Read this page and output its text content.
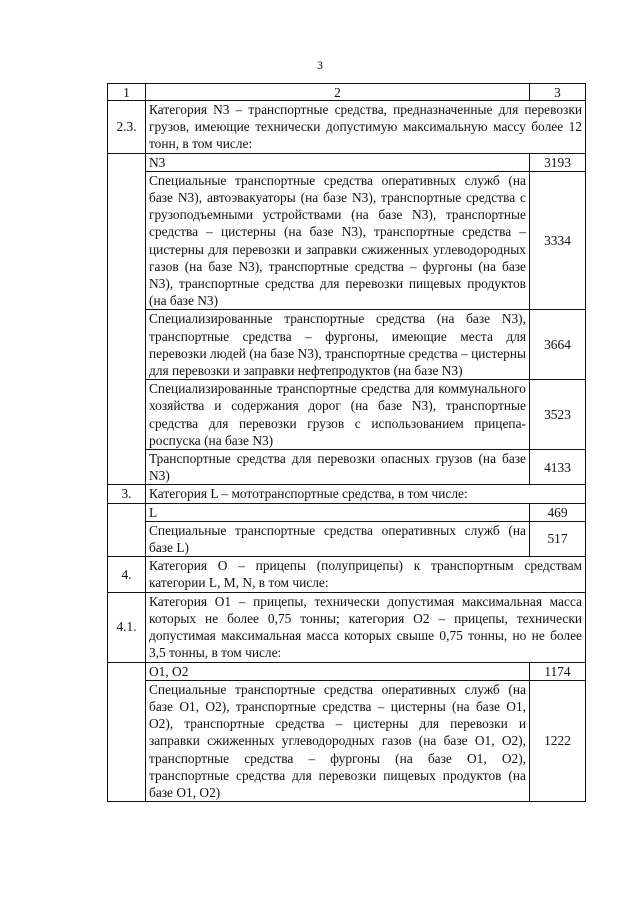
3
1	2	3
2.3.	Категория N3 – транспортные средства, предназначенные для перевозки грузов, имеющие технически допустимую максимальную массу более 12 тонн, в том числе:	
	N3	3193
	Специальные транспортные средства оперативных служб (на базе N3), автоэвакуаторы (на базе N3), транспортные средства с грузоподъемными устройствами (на базе N3), транспортные средства – цистерны (на базе N3), транспортные средства – цистерны для перевозки и заправки сжиженных углеводородных газов (на базе N3), транспортные средства – фургоны (на базе N3), транспортные средства для перевозки пищевых продуктов (на базе N3)	3334
	Специализированные транспортные средства (на базе N3), транспортные средства – фургоны, имеющие места для перевозки людей (на базе N3), транспортные средства – цистерны для перевозки и заправки нефтепродуктов (на базе N3)	3664
	Специализированные транспортные средства для коммунального хозяйства и содержания дорог (на базе N3), транспортные средства для перевозки грузов с использованием прицепа-роспуска (на базе N3)	3523
	Транспортные средства для перевозки опасных грузов (на базе N3)	4133
3.	Категория L – мототранспортные средства, в том числе:	
	L	469
	Специальные транспортные средства оперативных служб (на базе L)	517
4.	Категория О – прицепы (полуприцепы) к транспортным средствам категории L, M, N, в том числе:	
4.1.	Категория О1 – прицепы, технически допустимая максимальная масса которых не более 0,75 тонны; категория О2 – прицепы, технически допустимая максимальная масса которых свыше 0,75 тонны, но не более 3,5 тонны, в том числе:	
	О1, О2	1174
	Специальные транспортные средства оперативных служб (на базе О1, О2), транспортные средства – цистерны (на базе О1, О2), транспортные средства – цистерны для перевозки и заправки сжиженных углеводородных газов (на базе О1, О2), транспортные средства – фургоны (на базе О1, О2), транспортные средства для перевозки пищевых продуктов (на базе О1, О2)	1222
